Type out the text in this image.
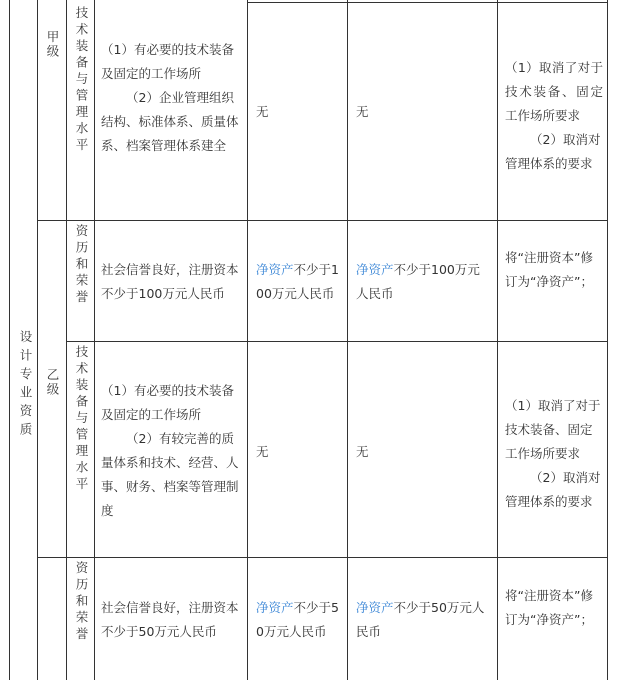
设计专业资质
甲级
乙级
技术装备与管理水平
资历和荣誉
技术装备与管理水平
资历和荣誉

（1）有必要的技术装备及固定的工作场所

（2）企业管理组织结构、标准体系、质量体系、档案管理体系建全

无	无

（1）取消了对于技术装备、固定工作场所要求

（2）取消对管理体系的要求

社会信誉良好，注册资本不少于100万元人民币
净资产不少于100万元人民币
净资产不少于100万元人民币
将“注册资本”修订为“净资产”；

（1）有必要的技术装备及固定的工作场所

（2）有较完善的质量体系和技术、经营、人事、财务、档案等管理制度

无	无

（1）取消了对于技术装备、固定工作场所要求

（2）取消对管理体系的要求

社会信誉良好，注册资本不少于50万元人民币
净资产不少于50万元人民币
净资产不少于50万元人民币
将“注册资本”修订为“净资产”；
